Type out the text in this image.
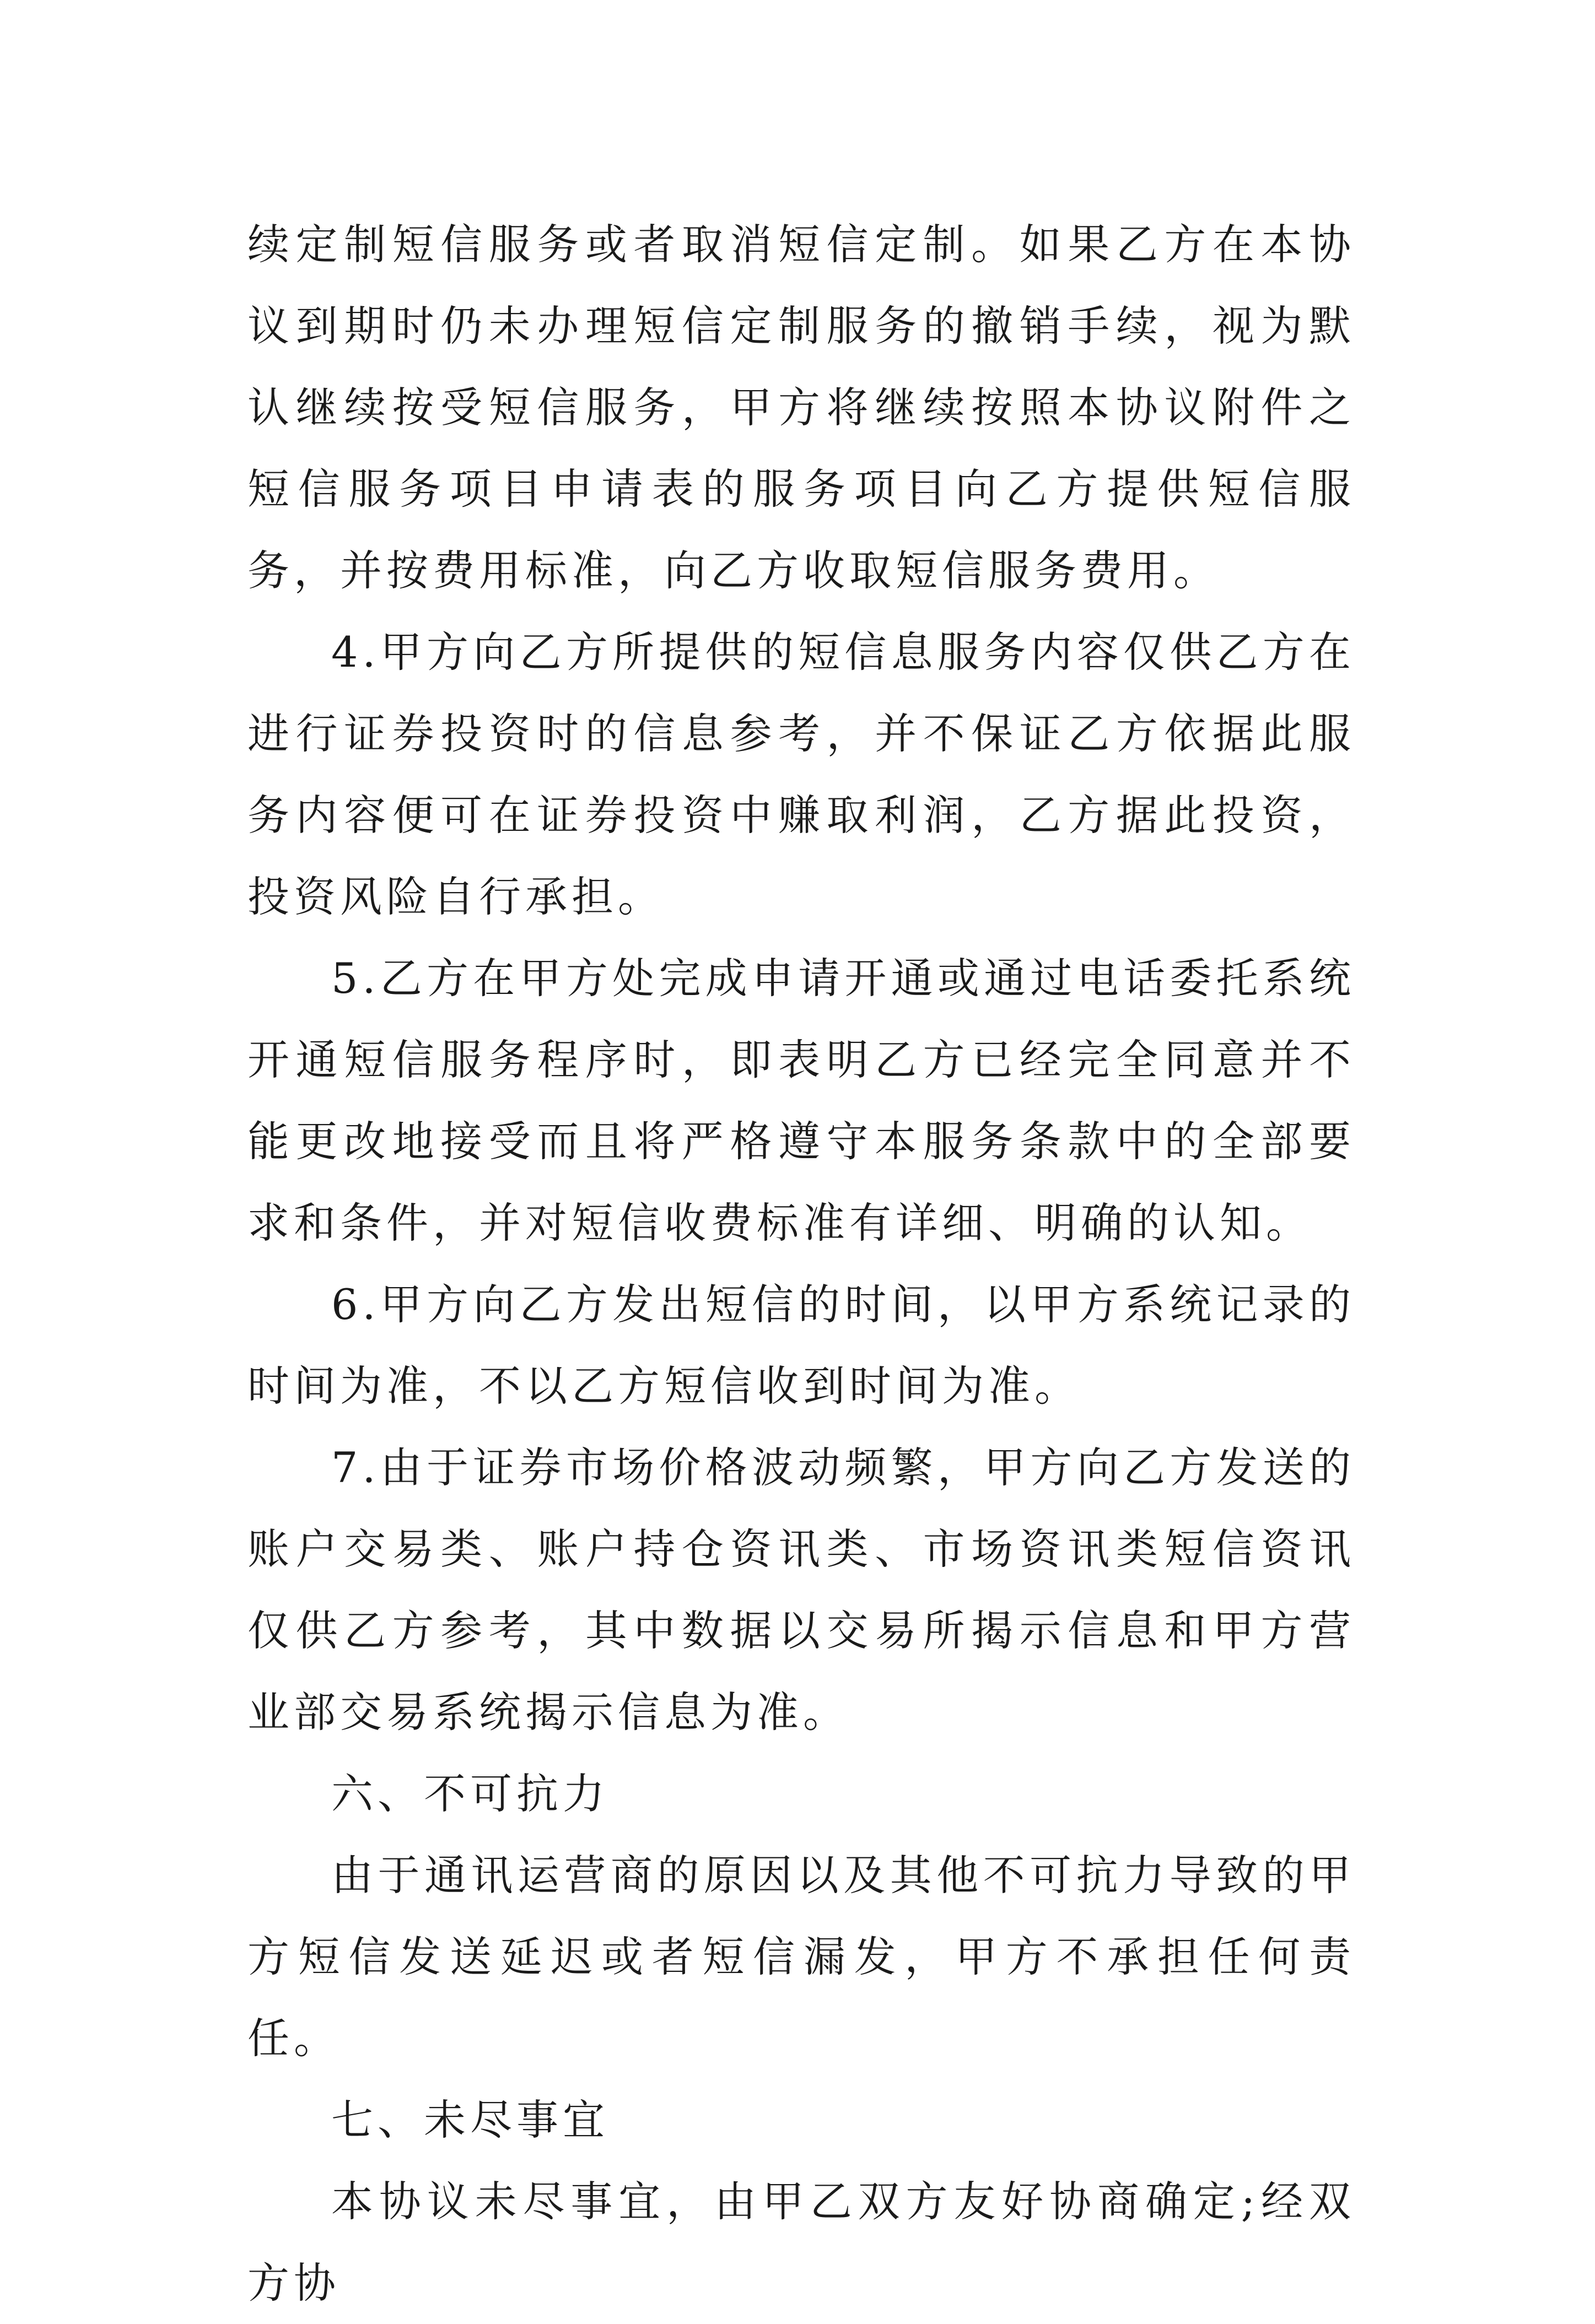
续定制短信服务或者取消短信定制。如果乙方在本协议到期时仍未办理短信定制服务的撤销手续，视为默认继续按受短信服务，甲方将继续按照本协议附件之短信服务项目申请表的服务项目向乙方提供短信服务，并按费用标准，向乙方收取短信服务费用。

4.甲方向乙方所提供的短信息服务内容仅供乙方在进行证券投资时的信息参考，并不保证乙方依据此服务内容便可在证券投资中赚取利润，乙方据此投资，投资风险自行承担。

5.乙方在甲方处完成申请开通或通过电话委托系统开通短信服务程序时，即表明乙方已经完全同意并不能更改地接受而且将严格遵守本服务条款中的全部要求和条件，并对短信收费标准有详细、明确的认知。

6.甲方向乙方发出短信的时间，以甲方系统记录的时间为准，不以乙方短信收到时间为准。

7.由于证券市场价格波动频繁，甲方向乙方发送的账户交易类、账户持仓资讯类、市场资讯类短信资讯仅供乙方参考，其中数据以交易所揭示信息和甲方营业部交易系统揭示信息为准。

六、不可抗力

由于通讯运营商的原因以及其他不可抗力导致的甲方短信发送延迟或者短信漏发，甲方不承担任何责任。

七、未尽事宜

本协议未尽事宜，由甲乙双方友好协商确定;经双方协
